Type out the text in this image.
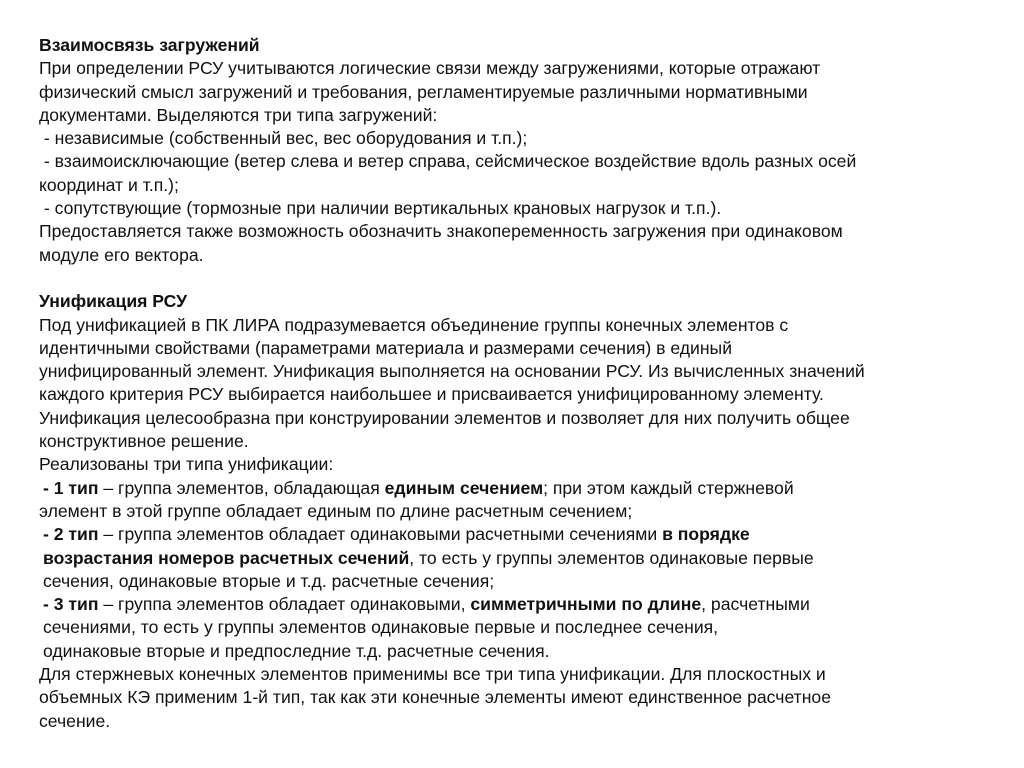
Взаимосвязь загружений
При определении РСУ учитываются логические связи между загружениями, которые отражают
физический смысл загружений и требования, регламентируемые различными нормативными
документами. Выделяются три типа загружений:
- независимые (собственный вес, вес оборудования и т.п.);
- взаимоисключающие (ветер слева и ветер справа, сейсмическое воздействие вдоль разных осей
координат и т.п.);
- сопутствующие (тормозные при наличии вертикальных крановых нагрузок и т.п.).
Предоставляется также возможность обозначить знакопеременность загружения при одинаковом
модуле его вектора.
Унификация РСУ
Под унификацией в ПК ЛИРА подразумевается объединение группы конечных элементов с
идентичными свойствами (параметрами материала и размерами сечения) в единый
унифицированный элемент. Унификация выполняется на основании РСУ. Из вычисленных значений
каждого критерия РСУ выбирается наибольшее и присваивается унифицированному элементу.
Унификация целесообразна при конструировании элементов и позволяет для них получить общее
конструктивное решение.
Реализованы три типа унификации:
- 1 тип – группа элементов, обладающая единым сечением; при этом каждый стержневой
элемент в этой группе обладает единым по длине расчетным сечением;
- 2 тип – группа элементов обладает одинаковыми расчетными сечениями в порядке
возрастания номеров расчетных сечений, то есть у группы элементов одинаковые первые
сечения, одинаковые вторые и т.д. расчетные сечения;
- 3 тип – группа элементов обладает одинаковыми, симметричными по длине, расчетными
сечениями, то есть у группы элементов одинаковые первые и последнее сечения,
одинаковые вторые и предпоследние т.д. расчетные сечения.
Для стержневых конечных элементов применимы все три типа унификации. Для плоскостных и
объемных КЭ применим 1-й тип, так как эти конечные элементы имеют единственное расчетное
сечение.
